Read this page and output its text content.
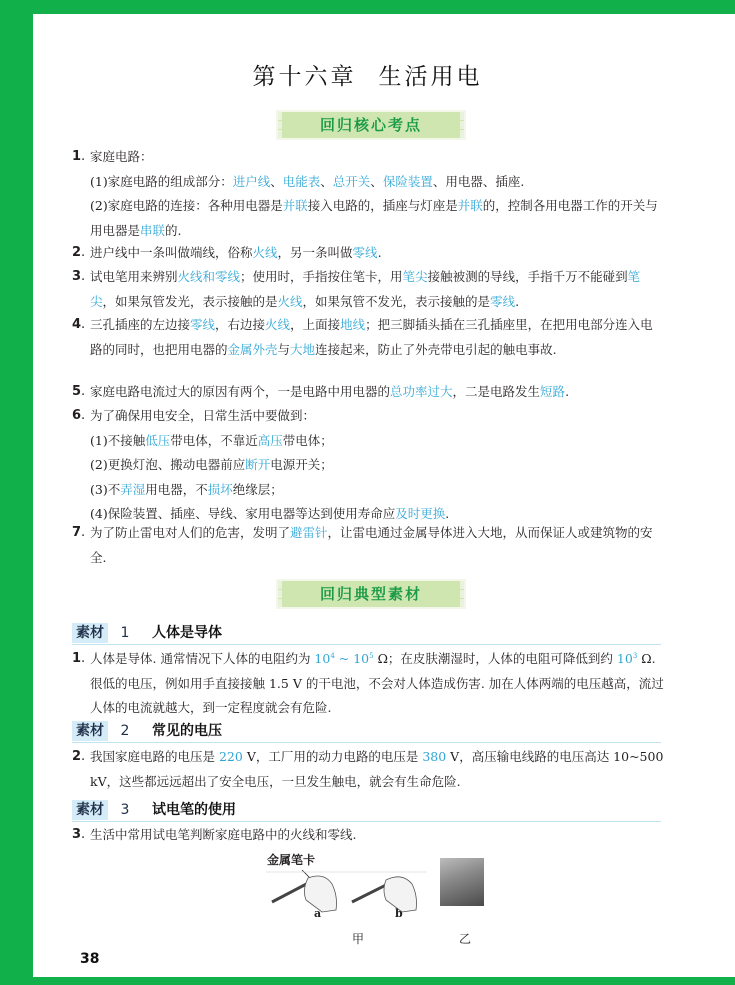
第十六章 生活用电
回归核心考点
1 . 家庭电路：
(1)家庭电路的组成部分：进户线、电能表、总开关、保险装置、用电器、插座.
(2)家庭电路的连接：各种用电器是并联接入电路的，插座与灯座是并联的，控制各用电器工作的开关与用电器是串联的.
2 . 进户线中一条叫做端线，俗称火线，另一条叫做零线.
3 . 试电笔用来辨别火线和零线；使用时，手指按住笔卡，用笔尖接触被测的导线，手指千万不能碰到笔尖，如果氖管发光，表示接触的是火线，如果氖管不发光，表示接触的是零线.
4 . 三孔插座的左边接零线，右边接火线，上面接地线；把三脚插头插在三孔插座里，在把用电部分连入电路的同时，也把用电器的金属外壳与大地连接起来，防止了外壳带电引起的触电事故.
5 . 家庭电路电流过大的原因有两个，一是电路中用电器的总功率过大，二是电路发生短路.
6 . 为了确保用电安全，日常生活中要做到：
(1)不接触低压带电体，不靠近高压带电体；
(2)更换灯泡、搬动电器前应断开电源开关；
(3)不弄湿用电器，不损坏绝缘层；
(4)保险装置、插座、导线、家用电器等达到使用寿命应及时更换.
7 . 为了防止雷电对人们的危害，发明了避雷针，让雷电通过金属导体进入大地，从而保证人或建筑物的安全.
回归典型素材
素材	1	人体是导体
1 . 人体是导体. 通常情况下人体的电阻约为 $10^4$ ~ $10^5$ Ω；在皮肤潮湿时，人体的电阻可降低到约 $10^3$ Ω. 很低的电压，例如用手直接接触 1.5 V 的干电池，不会对人体造成伤害. 加在人体两端的电压越高，流过人体的电流就越大，到一定程度就会有危险.
素材	2	常见的电压
2 . 我国家庭电路的电压是 220 V，工厂用的动力电路的电压是 380 V，高压输电线路的电压高达 10~500 kV，这些都远远超出了安全电压，一旦发生触电，就会有生命危险.
素材	3	试电笔的使用
3 . 生活中常用试电笔判断家庭电路中的火线和零线.
金属笔卡
a	b
甲	乙
38
